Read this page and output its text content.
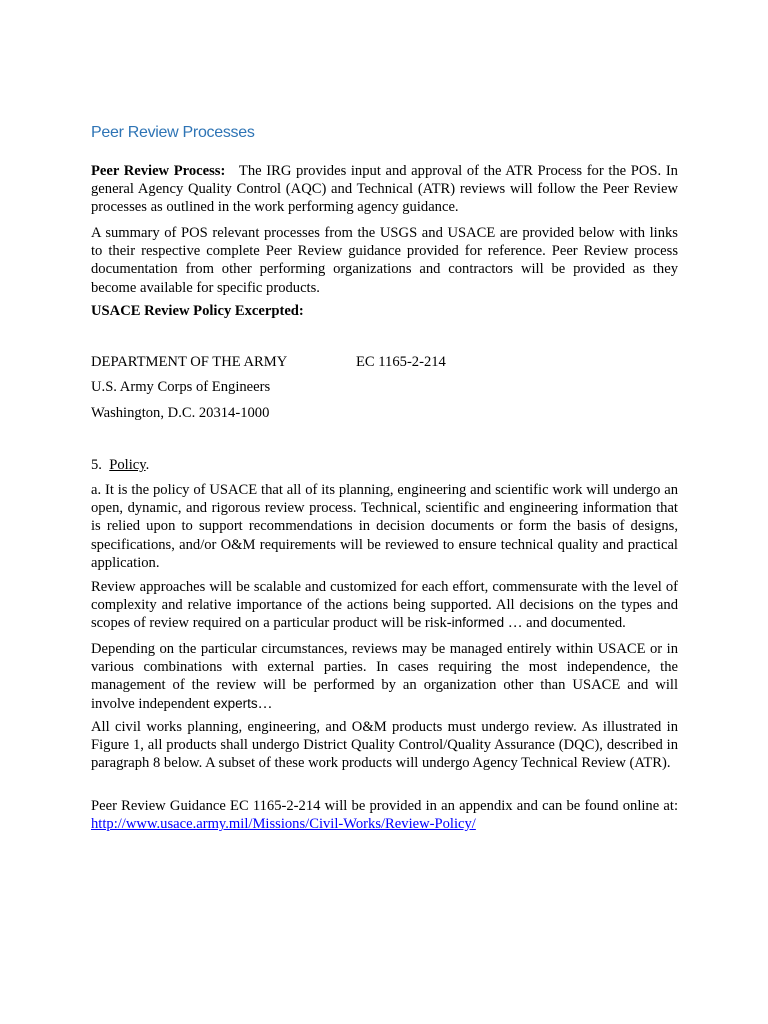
Peer Review Processes

Peer Review Process: The IRG provides input and approval of the ATR Process for the POS. In general Agency Quality Control (AQC) and Technical (ATR) reviews will follow the Peer Review processes as outlined in the work performing agency guidance.

A summary of POS relevant processes from the USGS and USACE are provided below with links to their respective complete Peer Review guidance provided for reference. Peer Review process documentation from other performing organizations and contractors will be provided as they become available for specific products.

USACE Review Policy Excerpted:

DEPARTMENT OF THE ARMY	EC 1165-2-214
U.S. Army Corps of Engineers
Washington, D.C. 20314-1000
5. Policy.

a. It is the policy of USACE that all of its planning, engineering and scientific work will undergo an open, dynamic, and rigorous review process. Technical, scientific and engineering information that is relied upon to support recommendations in decision documents or form the basis of designs, specifications, and/or O&M requirements will be reviewed to ensure technical quality and practical application.

Review approaches will be scalable and customized for each effort, commensurate with the level of complexity and relative importance of the actions being supported. All decisions on the types and scopes of review required on a particular product will be risk-informed … and documented.

Depending on the particular circumstances, reviews may be managed entirely within USACE or in various combinations with external parties. In cases requiring the most independence, the management of the review will be performed by an organization other than USACE and will involve independent experts…

All civil works planning, engineering, and O&M products must undergo review. As illustrated in Figure 1, all products shall undergo District Quality Control/Quality Assurance (DQC), described in paragraph 8 below. A subset of these work products will undergo Agency Technical Review (ATR).

Peer Review Guidance EC 1165-2-214 will be provided in an appendix and can be found online at: http://www.usace.army.mil/Missions/Civil-Works/Review-Policy/
